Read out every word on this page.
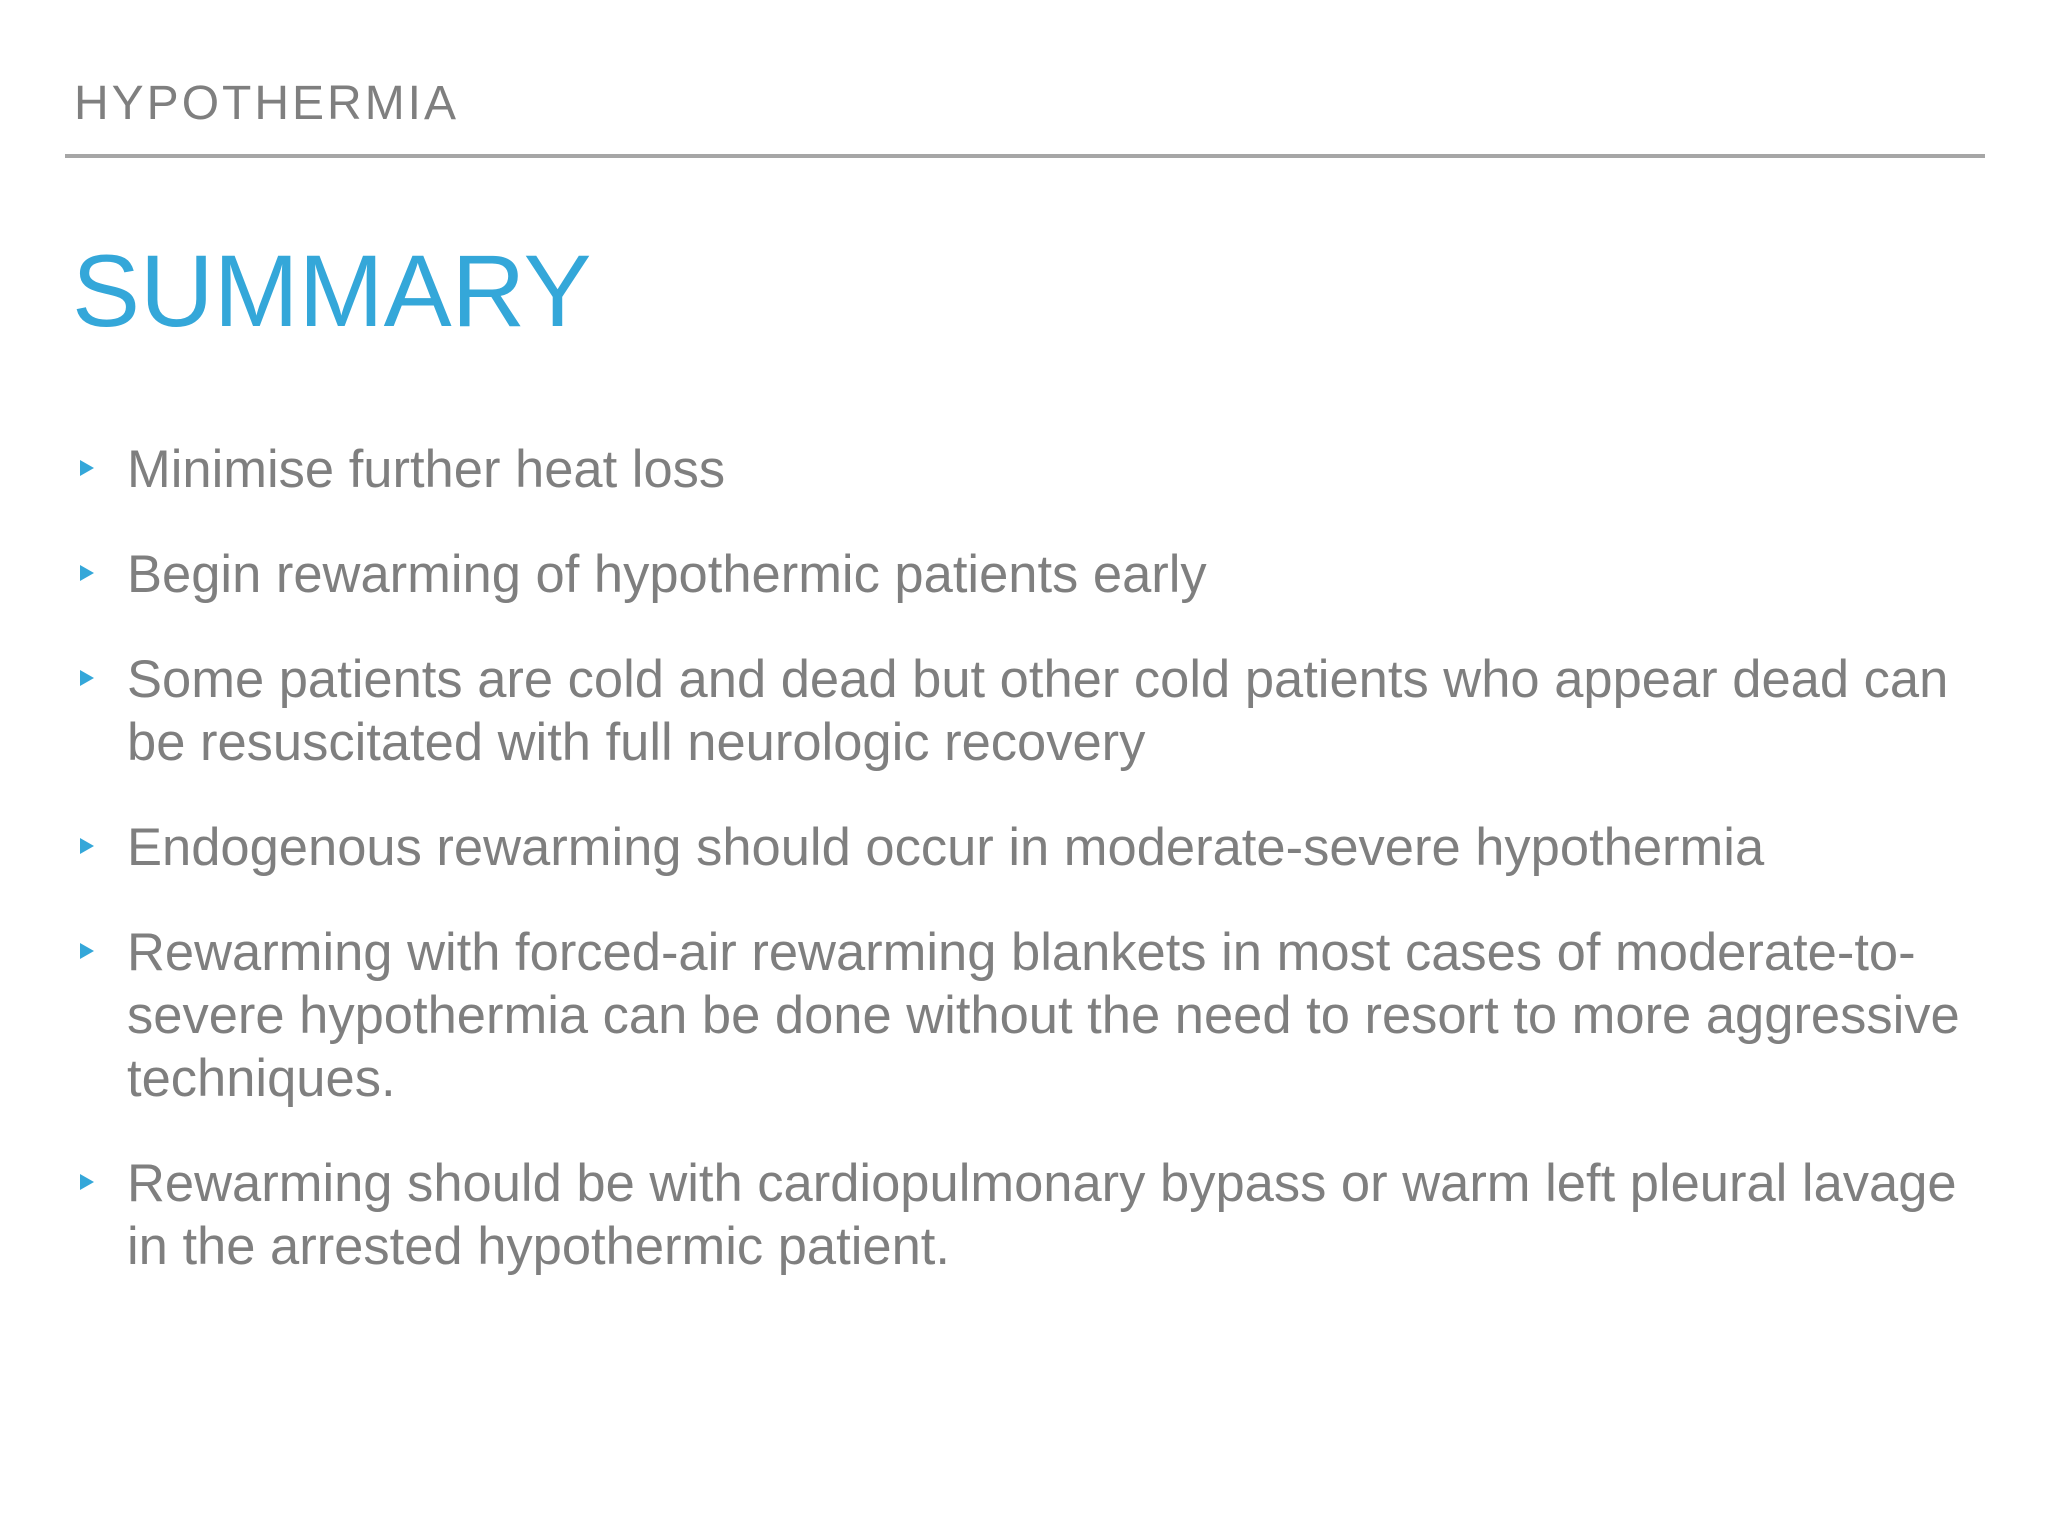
HYPOTHERMIA
SUMMARY
Minimise further heat loss
Begin rewarming of hypothermic patients early
Some patients are cold and dead but other cold patients who appear dead can be resuscitated with full neurologic recovery
Endogenous rewarming should occur in moderate-severe hypothermia
Rewarming with forced-air rewarming blankets in most cases of moderate-to-severe hypothermia can be done without the need to resort to more aggressive techniques.
Rewarming should be with cardiopulmonary bypass or warm left pleural lavage in the arrested hypothermic patient.
